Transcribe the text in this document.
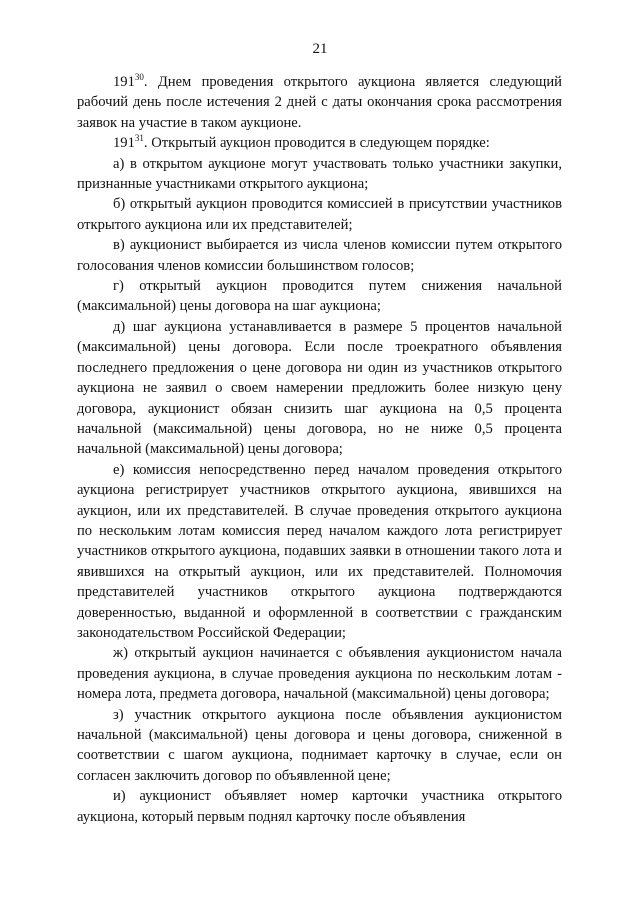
21

$191^{30}$. Днем проведения открытого аукциона является следующий рабочий день после истечения 2 дней с даты окончания срока рассмотрения заявок на участие в таком аукционе.

$191^{31}$. Открытый аукцион проводится в следующем порядке:

а) в открытом аукционе могут участвовать только участники закупки, признанные участниками открытого аукциона;

б) открытый аукцион проводится комиссией в присутствии участников открытого аукциона или их представителей;

в) аукционист выбирается из числа членов комиссии путем открытого голосования членов комиссии большинством голосов;

г) открытый аукцион проводится путем снижения начальной (максимальной) цены договора на шаг аукциона;

д) шаг аукциона устанавливается в размере 5 процентов начальной (максимальной) цены договора. Если после троекратного объявления последнего предложения о цене договора ни один из участников открытого аукциона не заявил о своем намерении предложить более низкую цену договора, аукционист обязан снизить шаг аукциона на 0,5 процента начальной (максимальной) цены договора, но не ниже 0,5 процента начальной (максимальной) цены договора;

е) комиссия непосредственно перед началом проведения открытого аукциона регистрирует участников открытого аукциона, явившихся на аукцион, или их представителей. В случае проведения открытого аукциона по нескольким лотам комиссия перед началом каждого лота регистрирует участников открытого аукциона, подавших заявки в отношении такого лота и явившихся на открытый аукцион, или их представителей. Полномочия представителей участников открытого аукциона подтверждаются доверенностью, выданной и оформленной в соответствии с гражданским законодательством Российской Федерации;

ж) открытый аукцион начинается с объявления аукционистом начала проведения аукциона, в случае проведения аукциона по нескольким лотам - номера лота, предмета договора, начальной (максимальной) цены договора;

з) участник открытого аукциона после объявления аукционистом начальной (максимальной) цены договора и цены договора, сниженной в соответствии с шагом аукциона, поднимает карточку в случае, если он согласен заключить договор по объявленной цене;

и) аукционист объявляет номер карточки участника открытого аукциона, который первым поднял карточку после объявления
